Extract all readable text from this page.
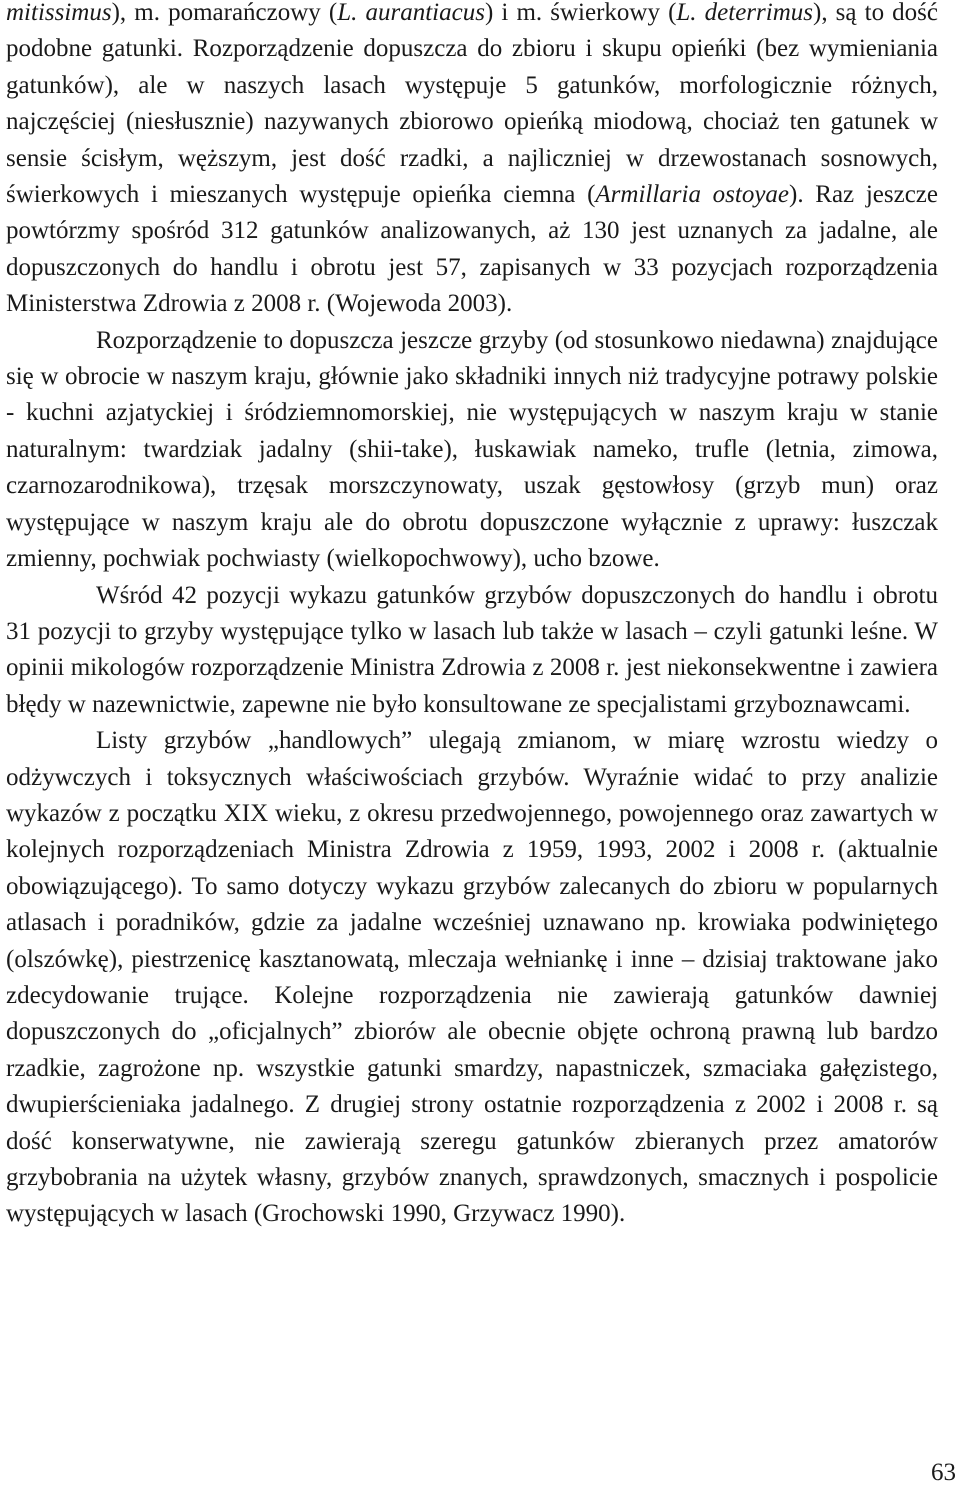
mitissimus), m. pomarańczowy (L. aurantiacus) i m. świerkowy (L. deterrimus), są to dość podobne gatunki. Rozporządzenie dopuszcza do zbioru i skupu opieńki (bez wymieniania gatunków), ale w naszych lasach występuje 5 gatunków, morfologicznie różnych, najczęściej (niesłusznie) nazywanych zbiorowo opieńką miodową, chociaż ten gatunek w sensie ścisłym, węższym, jest dość rzadki, a najliczniej w drzewostanach sosnowych, świerkowych i mieszanych występuje opieńka ciemna (Armillaria ostoyae). Raz jeszcze powtórzmy spośród 312 gatunków analizowanych, aż 130 jest uznanych za jadalne, ale dopuszczonych do handlu i obrotu jest 57, zapisanych w 33 pozycjach rozporządzenia Ministerstwa Zdrowia z 2008 r. (Wojewoda 2003).

Rozporządzenie to dopuszcza jeszcze grzyby (od stosunkowo niedawna) znajdujące się w obrocie w naszym kraju, głównie jako składniki innych niż tradycyjne potrawy polskie - kuchni azjatyckiej i śródziemnomorskiej, nie występujących w naszym kraju w stanie naturalnym: twardziak jadalny (shii-take), łuskawiak nameko, trufle (letnia, zimowa, czarnozarodnikowa), trzęsak morszczynowaty, uszak gęstowłosy (grzyb mun) oraz występujące w naszym kraju ale do obrotu dopuszczone wyłącznie z uprawy: łuszczak zmienny, pochwiak pochwiasty (wielkopochwowy), ucho bzowe.

Wśród 42 pozycji wykazu gatunków grzybów dopuszczonych do handlu i obrotu 31 pozycji to grzyby występujące tylko w lasach lub także w lasach – czyli gatunki leśne. W opinii mikologów rozporządzenie Ministra Zdrowia z 2008 r. jest niekonsekwentne i zawiera błędy w nazewnictwie, zapewne nie było konsultowane ze specjalistami grzyboznawcami.

Listy grzybów „handlowych” ulegają zmianom, w miarę wzrostu wiedzy o odżywczych i toksycznych właściwościach grzybów. Wyraźnie widać to przy analizie wykazów z początku XIX wieku, z okresu przedwojennego, powojennego oraz zawartych w kolejnych rozporządzeniach Ministra Zdrowia z 1959, 1993, 2002 i 2008 r. (aktualnie obowiązującego). To samo dotyczy wykazu grzybów zalecanych do zbioru w popularnych atlasach i poradników, gdzie za jadalne wcześniej uznawano np. krowiaka podwiniętego (olszówkę), piestrzenicę kasztanowatą, mleczaja wełniankę i inne – dzisiaj traktowane jako zdecydowanie trujące. Kolejne rozporządzenia nie zawierają gatunków dawniej dopuszczonych do „oficjalnych” zbiorów ale obecnie objęte ochroną prawną lub bardzo rzadkie, zagrożone np. wszystkie gatunki smardzy, napastniczek, szmaciaka gałęzistego, dwupierścieniaka jadalnego. Z drugiej strony ostatnie rozporządzenia z 2002 i 2008 r. są dość konserwatywne, nie zawierają szeregu gatunków zbieranych przez amatorów grzybobrania na użytek własny, grzybów znanych, sprawdzonych, smacznych i pospolicie występujących w lasach (Grochowski 1990, Grzywacz 1990).

63
